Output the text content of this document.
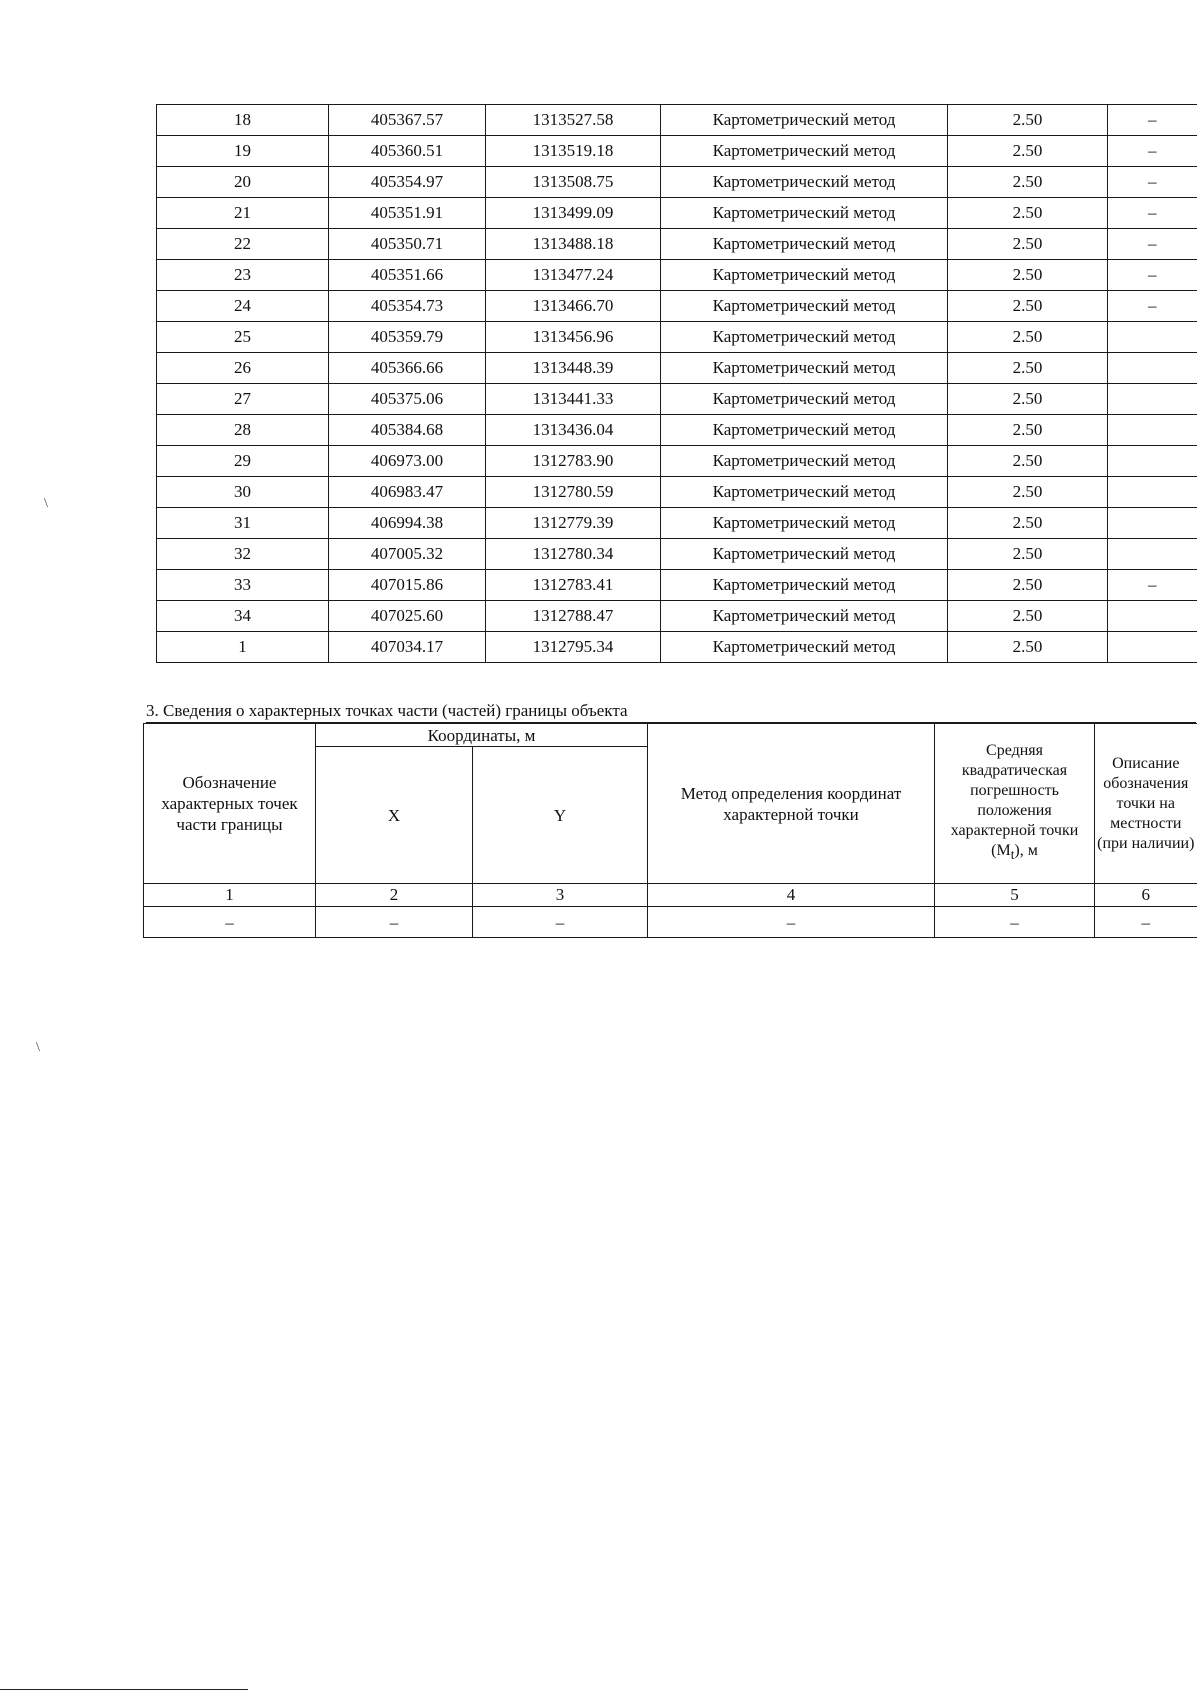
18	405367.57	1313527.58	Картометрический метод	2.50	–
19	405360.51	1313519.18	Картометрический метод	2.50	–
20	405354.97	1313508.75	Картометрический метод	2.50	–
21	405351.91	1313499.09	Картометрический метод	2.50	–
22	405350.71	1313488.18	Картометрический метод	2.50	–
23	405351.66	1313477.24	Картометрический метод	2.50	–
24	405354.73	1313466.70	Картометрический метод	2.50	–
25	405359.79	1313456.96	Картометрический метод	2.50	
26	405366.66	1313448.39	Картометрический метод	2.50	
27	405375.06	1313441.33	Картометрический метод	2.50	
28	405384.68	1313436.04	Картометрический метод	2.50	
29	406973.00	1312783.90	Картометрический метод	2.50	
30	406983.47	1312780.59	Картометрический метод	2.50	
31	406994.38	1312779.39	Картометрический метод	2.50	
32	407005.32	1312780.34	Картометрический метод	2.50	
33	407015.86	1312783.41	Картометрический метод	2.50	–
34	407025.60	1312788.47	Картометрический метод	2.50	
1	407034.17	1312795.34	Картометрический метод	2.50	
3. Сведения о характерных точках части (частей) границы объекта
Обозначение характерных точек части границы	Координаты, м		Метод определения координат характерной точки	Средняя квадратическая погрешность положения характерной точки $(M_t)$, м	Описание обозначения точки на местности (при наличии)
	X	Y			
1	2	3	4	5	6
–	–	–	–	–	–
\
\
